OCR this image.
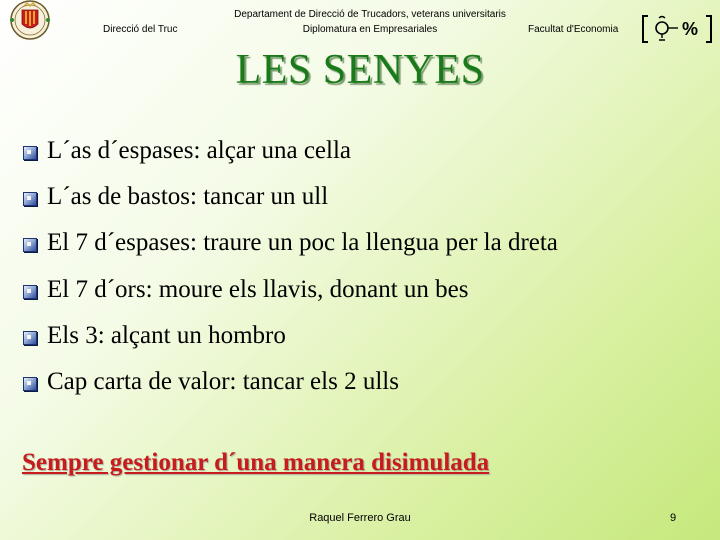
Departament de Direcció de Trucadors, veterans universitaris
Direcció del Truc	Diplomatura en Empresariales	Facultat d'Economia	%
LES SENYES
L´as d´espases: alçar una cella
L´as de bastos: tancar un ull
El 7 d´espases: traure un poc la llengua per la dreta
El 7 d´ors: moure els llavis, donant un bes
Els 3: alçant un hombro
Cap carta de valor: tancar els 2 ulls
Sempre gestionar d´una manera disimulada
Raquel Ferrero Grau	9
